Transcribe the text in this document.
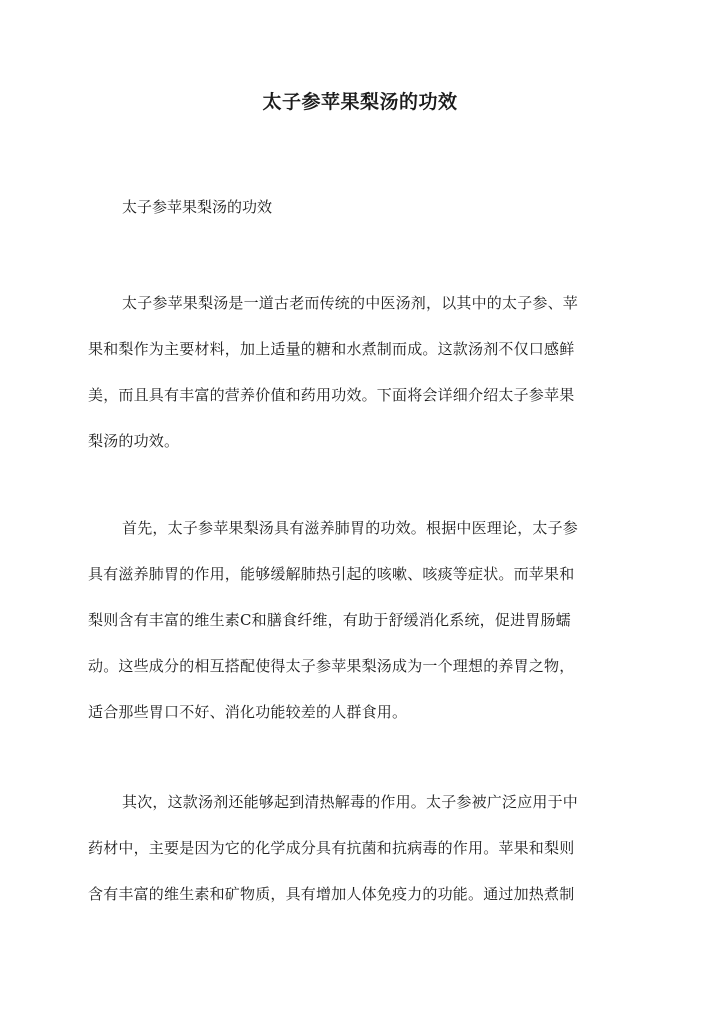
太子参苹果梨汤的功效
太子参苹果梨汤的功效
太子参苹果梨汤是一道古老而传统的中医汤剂，以其中的太子参、苹
果和梨作为主要材料，加上适量的糖和水煮制而成。这款汤剂不仅口感鲜
美，而且具有丰富的营养价值和药用功效。下面将会详细介绍太子参苹果
梨汤的功效。
首先，太子参苹果梨汤具有滋养肺胃的功效。根据中医理论，太子参
具有滋养肺胃的作用，能够缓解肺热引起的咳嗽、咳痰等症状。而苹果和
梨则含有丰富的维生素C和膳食纤维，有助于舒缓消化系统，促进胃肠蠕
动。这些成分的相互搭配使得太子参苹果梨汤成为一个理想的养胃之物，
适合那些胃口不好、消化功能较差的人群食用。
其次，这款汤剂还能够起到清热解毒的作用。太子参被广泛应用于中
药材中，主要是因为它的化学成分具有抗菌和抗病毒的作用。苹果和梨则
含有丰富的维生素和矿物质，具有增加人体免疫力的功能。通过加热煮制
